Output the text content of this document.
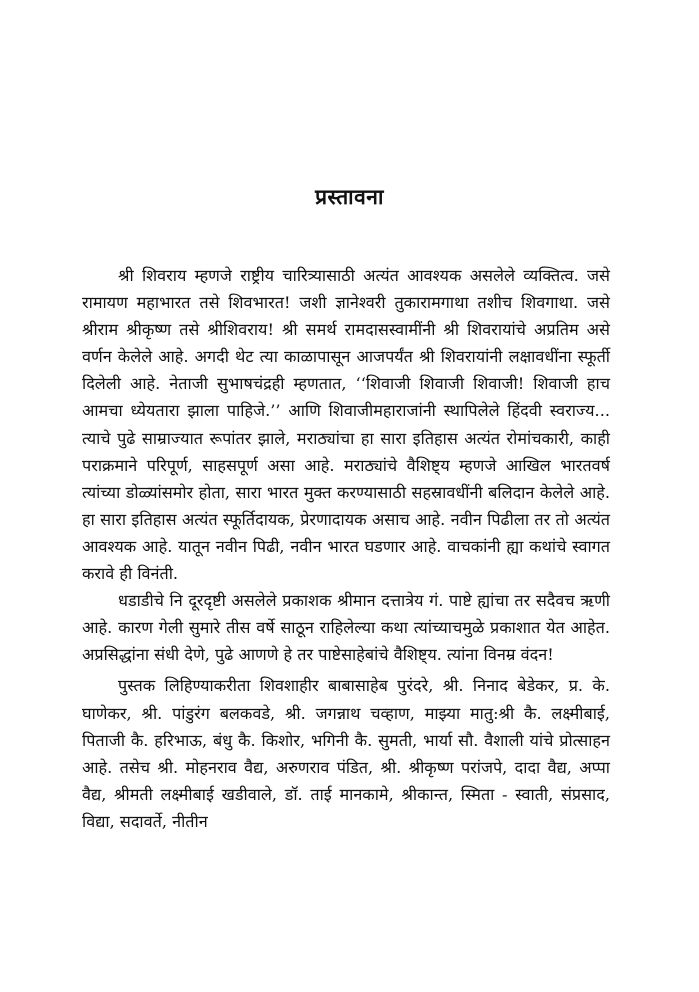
प्रस्तावना

श्री शिवराय म्हणजे राष्ट्रीय चारित्र्यासाठी अत्यंत आवश्यक असलेले व्यक्तित्व. जसे रामायण महाभारत तसे शिवभारत! जशी ज्ञानेश्वरी तुकारामगाथा तशीच शिवगाथा. जसे श्रीराम श्रीकृष्ण तसे श्रीशिवराय! श्री समर्थ रामदासस्वामींनी श्री शिवरायांचे अप्रतिम असे वर्णन केलेले आहे. अगदी थेट त्या काळापासून आजपर्यंत श्री शिवरायांनी लक्षावधींना स्फूर्ती दिलेली आहे. नेताजी सुभाषचंद्रही म्हणतात, ‘‘शिवाजी शिवाजी शिवाजी! शिवाजी हाच आमचा ध्येयतारा झाला पाहिजे.’’ आणि शिवाजीमहाराजांनी स्थापिलेले हिंदवी स्वराज्य... त्याचे पुढे साम्राज्यात रूपांतर झाले, मराठ्यांचा हा सारा इतिहास अत्यंत रोमांचकारी, काही पराक्रमाने परिपूर्ण, साहसपूर्ण असा आहे. मराठ्यांचे वैशिष्ट्य म्हणजे आखिल भारतवर्ष त्यांच्या डोळ्यांसमोर होता, सारा भारत मुक्त करण्यासाठी सहस्रावधींनी बलिदान केलेले आहे. हा सारा इतिहास अत्यंत स्फूर्तिदायक, प्रेरणादायक असाच आहे. नवीन पिढीला तर तो अत्यंत आवश्यक आहे. यातून नवीन पिढी, नवीन भारत घडणार आहे. वाचकांनी ह्या कथांचे स्वागत करावे ही विनंती.

धडाडीचे नि दूरदृष्टी असलेले प्रकाशक श्रीमान दत्तात्रेय गं. पाष्टे ह्यांचा तर सदैवच ऋणी आहे. कारण गेली सुमारे तीस वर्षे साठून राहिलेल्या कथा त्यांच्याचमुळे प्रकाशात येत आहेत. अप्रसिद्धांना संधी देणे, पुढे आणणे हे तर पाष्टेसाहेबांचे वैशिष्ट्य. त्यांना विनम्र वंदन!

पुस्तक लिहिण्याकरीता शिवशाहीर बाबासाहेब पुरंदरे, श्री. निनाद बेडेकर, प्र. के. घाणेकर, श्री. पांडुरंग बलकवडे, श्री. जगन्नाथ चव्हाण, माझ्या मातु:श्री कै. लक्ष्मीबाई, पिताजी कै. हरिभाऊ, बंधु कै. किशोर, भगिनी कै. सुमती, भार्या सौ. वैशाली यांचे प्रोत्साहन आहे. तसेच श्री. मोहनराव वैद्य, अरुणराव पंडित, श्री. श्रीकृष्ण परांजपे, दादा वैद्य, अप्पा वैद्य, श्रीमती लक्ष्मीबाई खडीवाले, डॉ. ताई मानकामे, श्रीकान्त, स्मिता - स्वाती, संप्रसाद, विद्या, सदावर्ते, नीतीन
